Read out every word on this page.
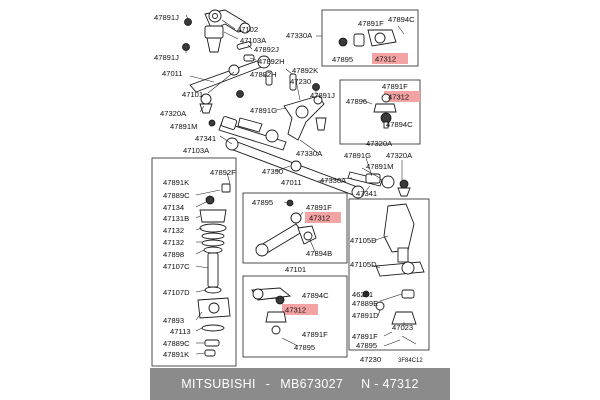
47891J
47102
47103A
47891J
47892J
47892H
47011
47101
47320A
47891M
47341
47330A
47892K
47892H
47230
47891J
47891G
47330A
47390
47103A
47011
47891K
47892F
47889C
47134
47131B
47132
47132
47898
47107C
47107D
47893
47113
47889C
47891K
47891F 47894C
47895	47312
47891F
47896	47312
47894C
47320A
47891G 47320A
47891M
47330A
47341
47895
47891F
47312
47894B
47101
47894C
47312
47891F
47895
47105D
47105D
46261
47889E
47891D
47023
47891F
47895
47230	3F84C12
MITSUBISHI - MB673027 N - 47312
